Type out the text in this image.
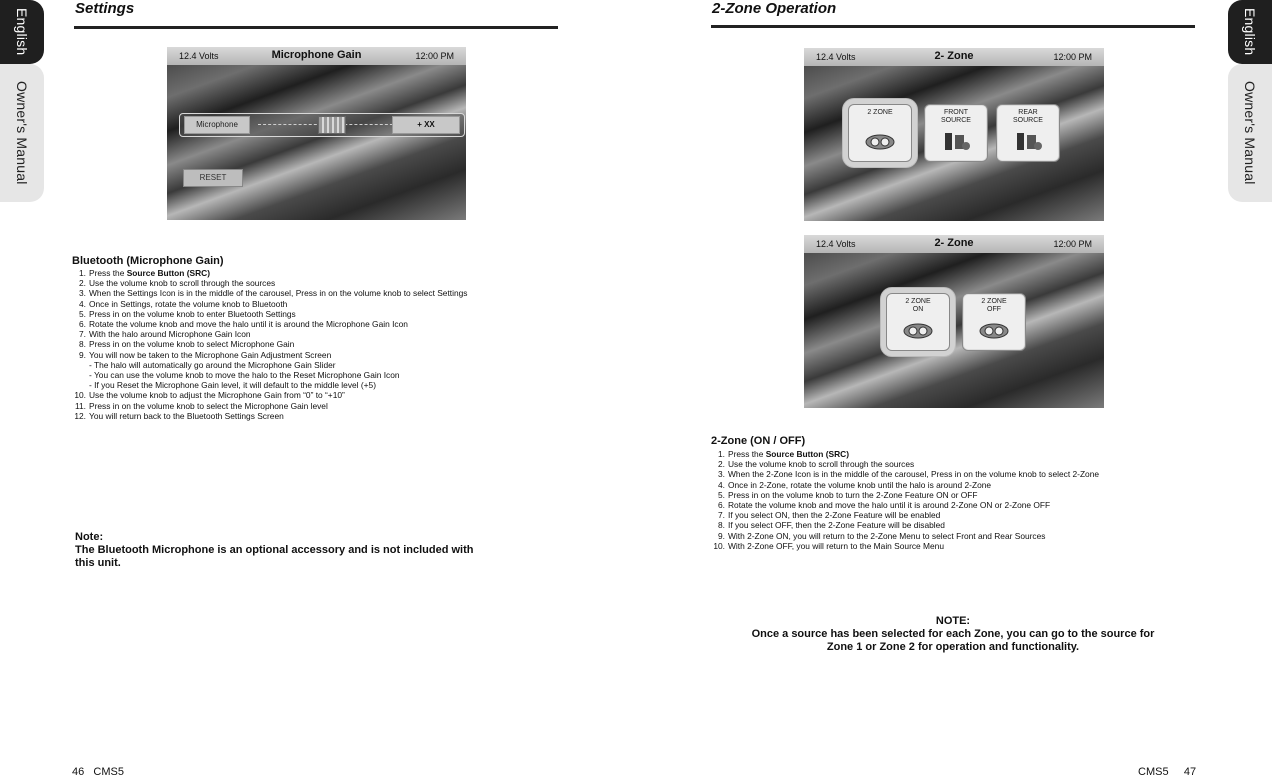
English
Owner's Manual
English
Owner's Manual
Settings
12.4 Volts	Microphone Gain	12:00 PM
Microphone	+ XX
RESET
Bluetooth (Microphone Gain)
1. Press the Source Button (SRC)
2. Use the volume knob to scroll through the sources
3. When the Settings Icon is in the middle of the carousel, Press in on the volume knob to select Settings
4. Once in Settings, rotate the volume knob to Bluetooth
5. Press in on the volume knob to enter Bluetooth Settings
6. Rotate the volume knob and move the halo until it is around the Microphone Gain Icon
7. With the halo around Microphone Gain Icon
8. Press in on the volume knob to select Microphone Gain
9. You will now be taken to the Microphone Gain Adjustment Screen
- The halo will automatically go around the Microphone Gain Slider
- You can use the volume knob to move the halo to the Reset Microphone Gain Icon
- If you Reset the Microphone Gain level, it will default to the middle level (+5)
10. Use the volume knob to adjust the Microphone Gain from “0” to “+10”
11. Press in on the volume knob to select the Microphone Gain level
12. You will return back to the Bluetooth Settings Screen
Note:
The Bluetooth Microphone is an optional accessory and is not included with
this unit.
46 CMS5
2-Zone Operation
12.4 Volts	2- Zone	12:00 PM
2 ZONE	FRONT
SOURCE
REAR
SOURCE
12.4 Volts	2- Zone	12:00 PM
2 ZONE
ON
2 ZONE
OFF
2-Zone (ON / OFF)
1. Press the Source Button (SRC)
2. Use the volume knob to scroll through the sources
3. When the 2-Zone Icon is in the middle of the carousel, Press in on the volume knob to select 2-Zone
4. Once in 2-Zone, rotate the volume knob until the halo is around 2-Zone
5. Press in on the volume knob to turn the 2-Zone Feature ON or OFF
6. Rotate the volume knob and move the halo until it is around 2-Zone ON or 2-Zone OFF
7. If you select ON, then the 2-Zone Feature will be enabled
8. If you select OFF, then the 2-Zone Feature will be disabled
9. With 2-Zone ON, you will return to the 2-Zone Menu to select Front and Rear Sources
10. With 2-Zone OFF, you will return to the Main Source Menu
NOTE:
Once a source has been selected for each Zone, you can go to the source for
Zone 1 or Zone 2 for operation and functionality.
CMS5 47
